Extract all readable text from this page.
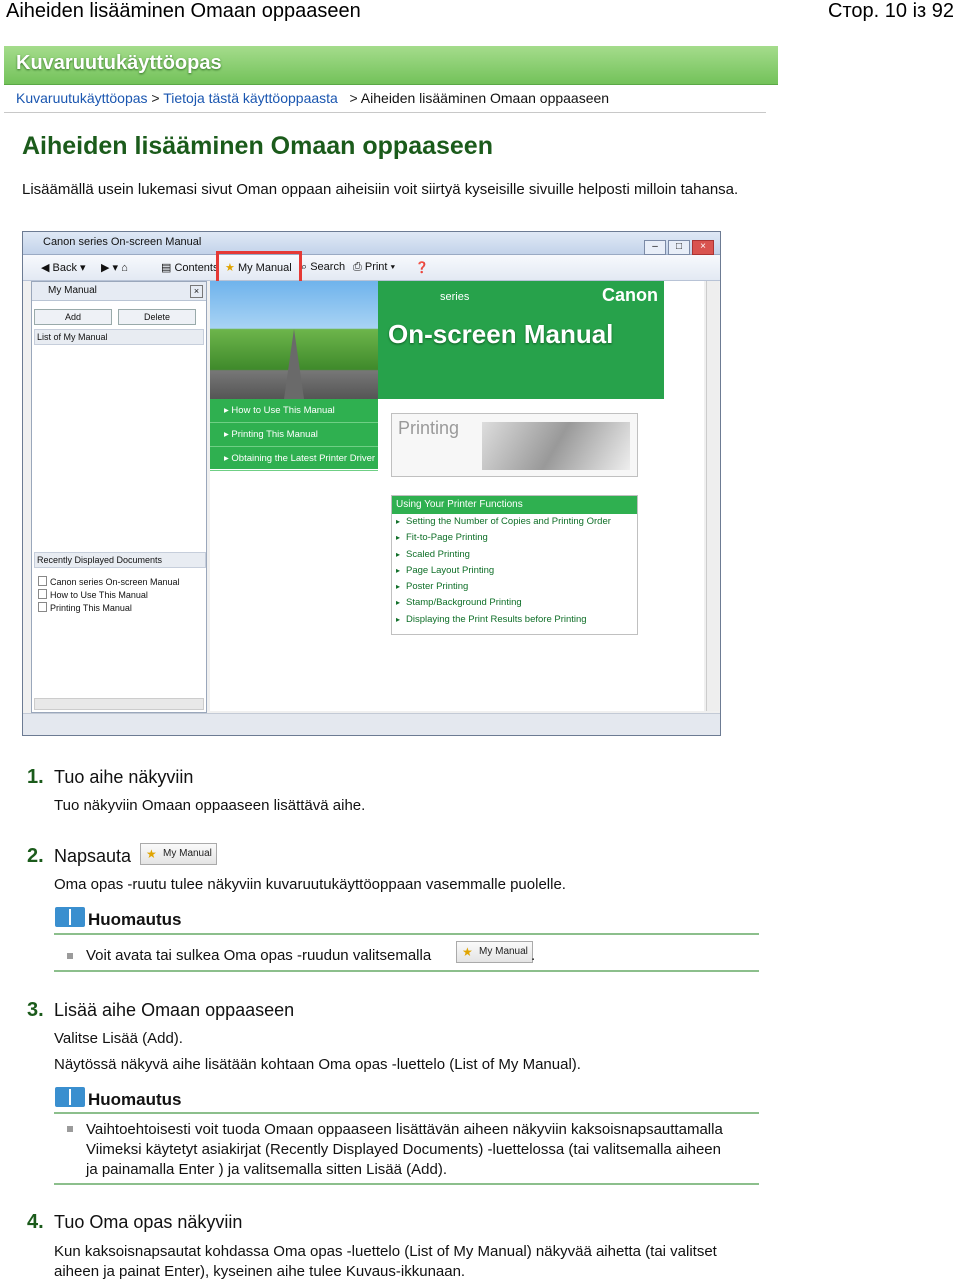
Aiheiden lisääminen Omaan oppaaseen	Стор. 10 із 92
Kuvaruutukäyttöopas
Kuvaruutukäyttöopas > Tietoja tästä käyttöoppaasta   > Aiheiden lisääminen Omaan oppaaseen
Aiheiden lisääminen Omaan oppaaseen
Lisäämällä usein lukemasi sivut Oman oppaan aiheisiin voit siirtyä kyseisille sivuille helposti milloin tahansa.
Canon series On-screen Manual	– □ ×
◀ Back ▾ ▶ ▾ ⌂	▤ Contents ★ My Manual ⌕ Search ⎙ Print ▾ ❓
My Manual	×
Add	Delete
List of My Manual
Recently Displayed Documents
Canon series On-screen Manual
How to Use This Manual
Printing This Manual
series	Canon
On-screen Manual
▸ How to Use This Manual
▸ Printing This Manual
▸ Obtaining the Latest Printer Driver
Printing
Using Your Printer Functions
▸ Setting the Number of Copies and Printing Order
▸ Fit-to-Page Printing
▸ Scaled Printing
▸ Page Layout Printing
▸ Poster Printing
▸ Stamp/Background Printing
▸ Displaying the Print Results before Printing
1. Tuo aihe näkyviin
Tuo näkyviin Omaan oppaaseen lisättävä aihe.
2. Napsauta	★ My Manual
Oma opas -ruutu tulee näkyviin kuvaruutukäyttöoppaan vasemmalle puolelle.
Huomautus
Voit avata tai sulkea Oma opas -ruudun valitsemalla	★ My Manual .
3. Lisää aihe Omaan oppaaseen
Valitse Lisää (Add).
Näytössä näkyvä aihe lisätään kohtaan Oma opas -luettelo (List of My Manual).
Huomautus
Vaihtoehtoisesti voit tuoda Omaan oppaaseen lisättävän aiheen näkyviin kaksoisnapsauttamalla Viimeksi käytetyt asiakirjat (Recently Displayed Documents) -luettelossa (tai valitsemalla aiheen ja painamalla Enter ) ja valitsemalla sitten Lisää (Add).
4. Tuo Oma opas näkyviin
Kun kaksoisnapsautat kohdassa Oma opas -luettelo (List of My Manual) näkyvää aihetta (tai valitset aiheen ja painat Enter), kyseinen aihe tulee Kuvaus-ikkunaan.
